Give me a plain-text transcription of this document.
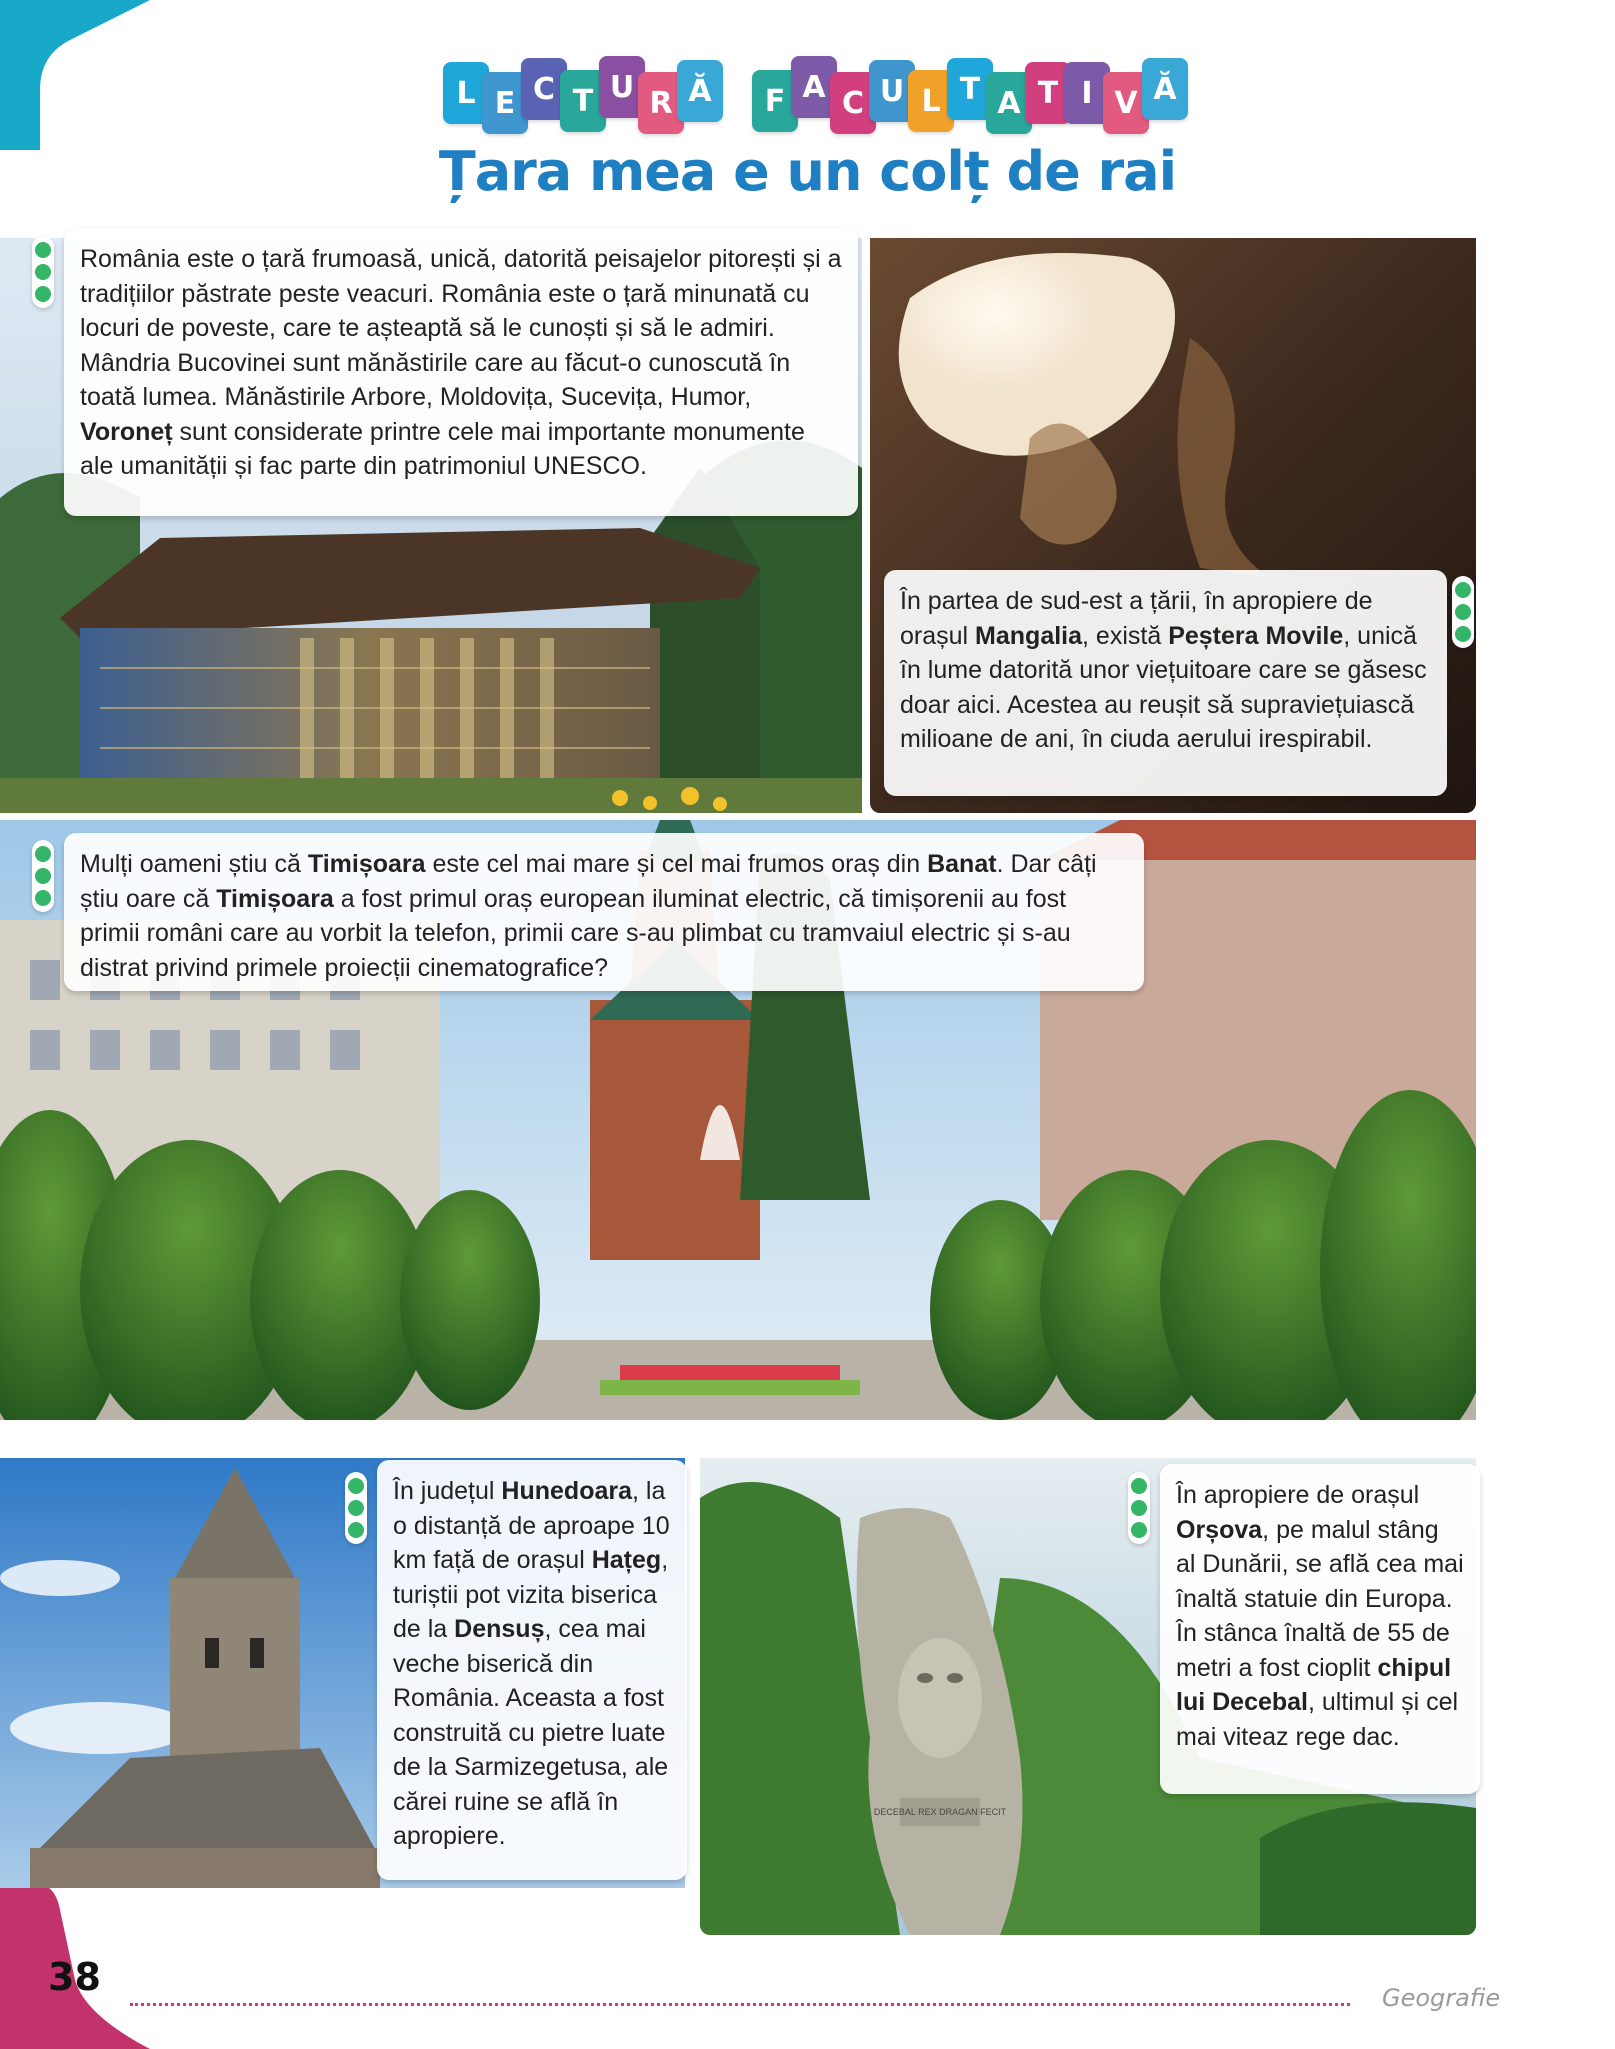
L E C T U R Ă	F A C U L T A T I V Ă
Țara mea e un colț de rai
DECEBAL REX DRAGAN FECIT

România este o țară frumoasă, unică, datorită peisajelor pitorești și a tradițiilor păstrate peste veacuri. România este o țară minunată cu locuri de poveste, care te așteaptă să le cunoști și să le admiri.

Mândria Bucovinei sunt mănăstirile care au făcut-o cunoscută în toată lumea. Mănăstirile Arbore, Moldovița, Sucevița, Humor, Voroneț sunt considerate printre cele mai importante monumente ale umanității și fac parte din patrimoniul UNESCO.

În partea de sud-est a țării, în apropiere de orașul Mangalia, există Peștera Movile, unică în lume datorită unor viețuitoare care se găsesc doar aici. Acestea au reușit să supraviețuiască milioane de ani, în ciuda aerului irespirabil.

Mulți oameni știu că Timișoara este cel mai mare și cel mai frumos oraș din Banat. Dar câți știu oare că Timișoara a fost primul oraș european iluminat electric, că timișorenii au fost primii români care au vorbit la telefon, primii care s-au plimbat cu tramvaiul electric și s-au distrat privind primele proiecții cinematografice?

În județul Hunedoara, la o distanță de aproape 10 km față de orașul Hațeg, turiștii pot vizita biserica de la Densuș, cea mai veche biserică din România. Aceasta a fost construită cu pietre luate de la Sarmizegetusa, ale cărei ruine se află în apropiere.

În apropiere de orașul Orșova, pe malul stâng al Dunării, se află cea mai înaltă statuie din Europa. În stânca înaltă de 55 de metri a fost cioplit chipul lui Decebal, ultimul și cel mai viteaz rege dac.

38	Geografie
